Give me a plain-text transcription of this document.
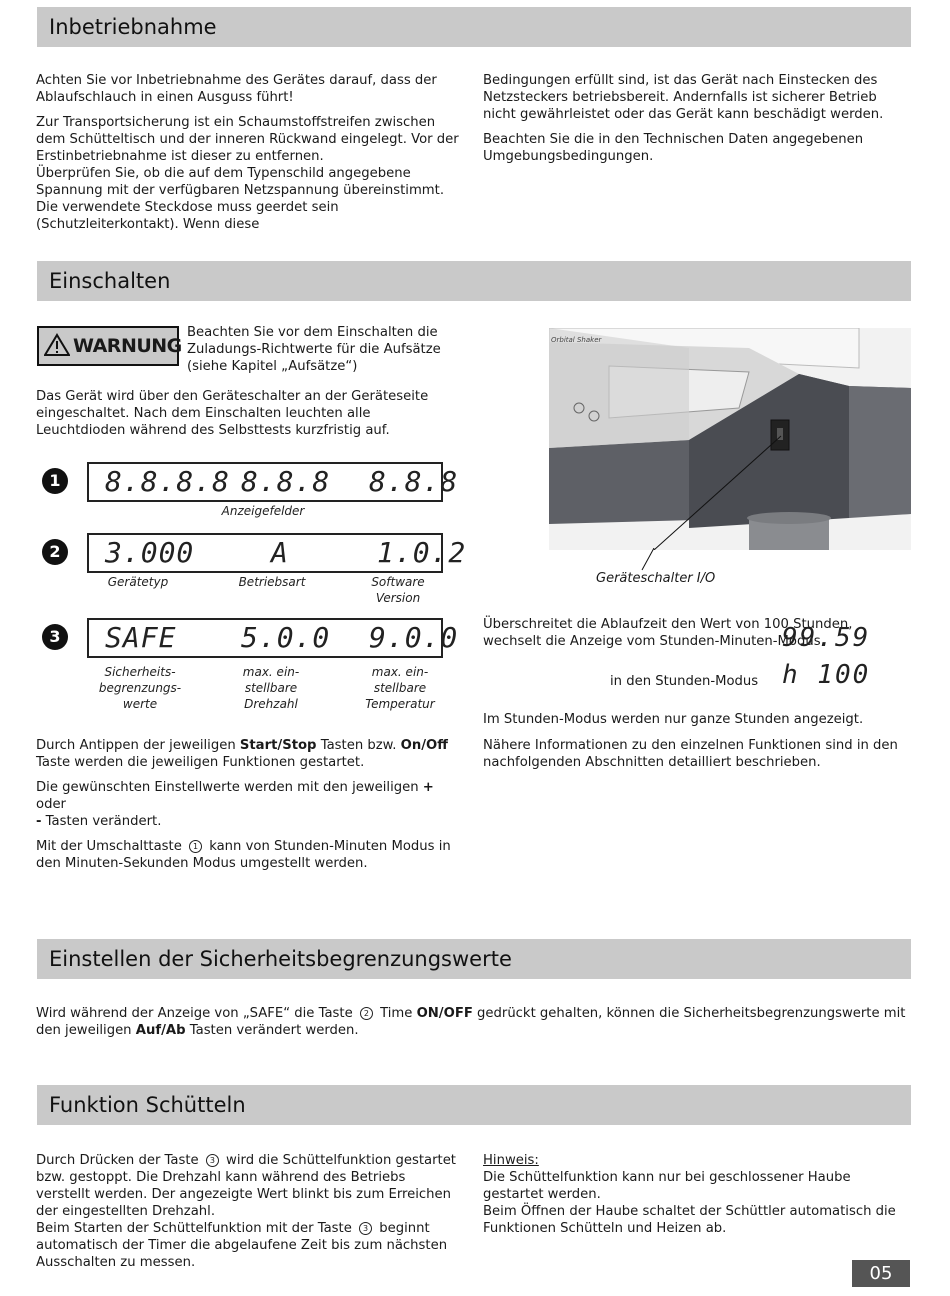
Inbetriebnahme

Achten Sie vor Inbetriebnahme des Gerätes darauf, dass der Ablaufschlauch in einen Ausguss führt!

Zur Transportsicherung ist ein Schaumstoffstreifen zwischen dem Schütteltisch und der inneren Rückwand eingelegt. Vor der Erstinbetriebnahme ist dieser zu entfernen.

Überprüfen Sie, ob die auf dem Typenschild angegebene Spannung mit der verfügbaren Netzspannung übereinstimmt. Die verwendete Steckdose muss geerdet sein (Schutzleiterkontakt). Wenn diese

Bedingungen erfüllt sind, ist das Gerät nach Einstecken des Netzsteckers betriebsbereit. Andernfalls ist sicherer Betrieb nicht gewährleistet oder das Gerät kann beschädigt werden.

Beachten Sie die in den Technischen Daten angegebenen Umgebungsbedingungen.

Einschalten
WARNUNG

Beachten Sie vor dem Einschalten die Zuladungs-Richtwerte für die Aufsätze (siehe Kapitel „Aufsätze“)

Das Gerät wird über den Geräteschalter an der Geräteseite eingeschaltet. Nach dem Einschalten leuchten alle Leuchtdioden während des Selbsttests kurzfristig auf.

1 8.8.8.8 8.8.8 8.8.8
Anzeigefelder
2 3.000	A	1.0.2
Gerätetyp	Betriebsart	Software Version
3 SAFE 5.0.0 9.0.0
Sicherheits-begrenzungs-werte
max. ein-stellbare Drehzahl
max. ein-stellbare Temperatur

Durch Antippen der jeweiligen Start/Stop Tasten bzw. On/Off Taste werden die jeweiligen Funktionen gestartet.

Die gewünschten Einstellwerte werden mit den jeweiligen + oder
- Tasten verändert.

Mit der Umschalttaste 1 kann von Stunden-Minuten Modus in den Minuten-Sekunden Modus umgestellt werden.

Orbital Shaker
Geräteschalter I/O

Überschreitet die Ablaufzeit den Wert von 100 Stunden, wechselt die Anzeige vom Stunden-Minuten-Modus

99.59

in den Stunden-Modus h 100

Im Stunden-Modus werden nur ganze Stunden angezeigt.

Nähere Informationen zu den einzelnen Funktionen sind in den nachfolgenden Abschnitten detailliert beschrieben.

Einstellen der Sicherheitsbegrenzungswerte

Wird während der Anzeige von „SAFE“ die Taste 2 Time ON/OFF gedrückt gehalten, können die Sicherheitsbegrenzungswerte mit den jeweiligen Auf/Ab Tasten verändert werden.

Funktion Schütteln

Durch Drücken der Taste 3 wird die Schüttelfunktion gestartet bzw. gestoppt. Die Drehzahl kann während des Betriebs verstellt werden. Der angezeigte Wert blinkt bis zum Erreichen der eingestellten Drehzahl.

Beim Starten der Schüttelfunktion mit der Taste 3 beginnt automatisch der Timer die abgelaufene Zeit bis zum nächsten Ausschalten zu messen.

Hinweis:

Die Schüttelfunktion kann nur bei geschlossener Haube gestartet werden.

Beim Öffnen der Haube schaltet der Schüttler automatisch die Funktionen Schütteln und Heizen ab.

05
